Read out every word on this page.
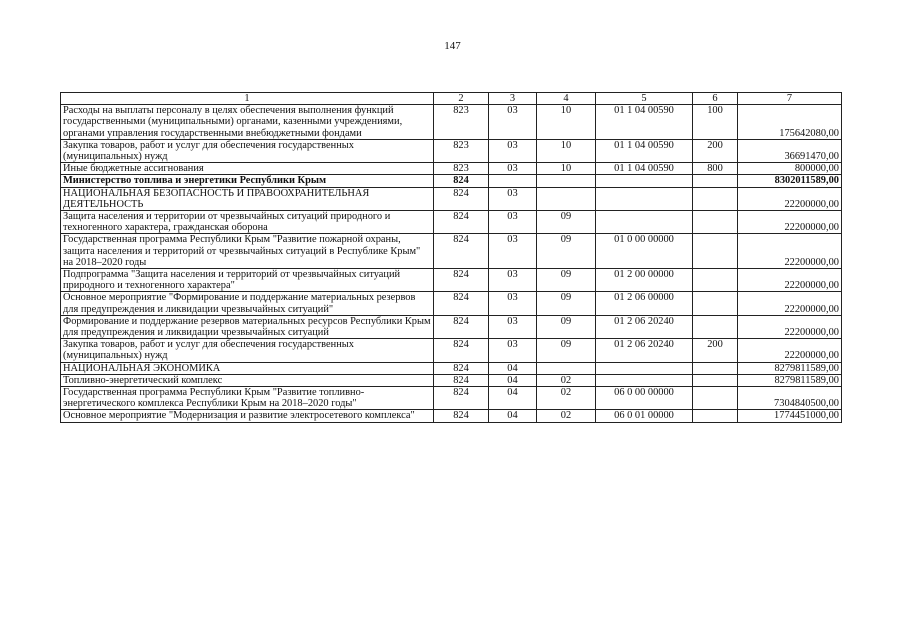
147
1	2	3	4	5	6	7
Расходы на выплаты персоналу в целях обеспечения выполнения функций государственными (муниципальными) органами, казенными учреждениями, органами управления государственными внебюджетными фондами	823	03	10	01 1 04 00590	100	175642080,00
Закупка товаров, работ и услуг для обеспечения государственных (муниципальных) нужд	823	03	10	01 1 04 00590	200	36691470,00
Иные бюджетные ассигнования	823	03	10	01 1 04 00590	800	800000,00
Министерство топлива и энергетики Республики Крым	824					8302011589,00
НАЦИОНАЛЬНАЯ БЕЗОПАСНОСТЬ И ПРАВООХРАНИТЕЛЬНАЯ ДЕЯТЕЛЬНОСТЬ	824	03				22200000,00
Защита населения и территории от чрезвычайных ситуаций природного и техногенного характера, гражданская оборона	824	03	09			22200000,00
Государственная программа Республики Крым "Развитие пожарной охраны, защита населения и территорий от чрезвычайных ситуаций в Республике Крым" на 2018–2020 годы	824	03	09	01 0 00 00000		22200000,00
Подпрограмма "Защита населения и территорий от чрезвычайных ситуаций природного и техногенного характера"	824	03	09	01 2 00 00000		22200000,00
Основное мероприятие "Формирование и поддержание материальных резервов для предупреждения и ликвидации чрезвычайных ситуаций"	824	03	09	01 2 06 00000		22200000,00
Формирование и поддержание резервов материальных ресурсов Республики Крым для предупреждения и ликвидации чрезвычайных ситуаций	824	03	09	01 2 06 20240		22200000,00
Закупка товаров, работ и услуг для обеспечения государственных (муниципальных) нужд	824	03	09	01 2 06 20240	200	22200000,00
НАЦИОНАЛЬНАЯ ЭКОНОМИКА	824	04				8279811589,00
Топливно-энергетический комплекс	824	04	02			8279811589,00
Государственная программа Республики Крым "Развитие топливно-энергетического комплекса Республики Крым на 2018–2020 годы"	824	04	02	06 0 00 00000		7304840500,00
Основное мероприятие "Модернизация и развитие электросетевого комплекса"	824	04	02	06 0 01 00000		1774451000,00
